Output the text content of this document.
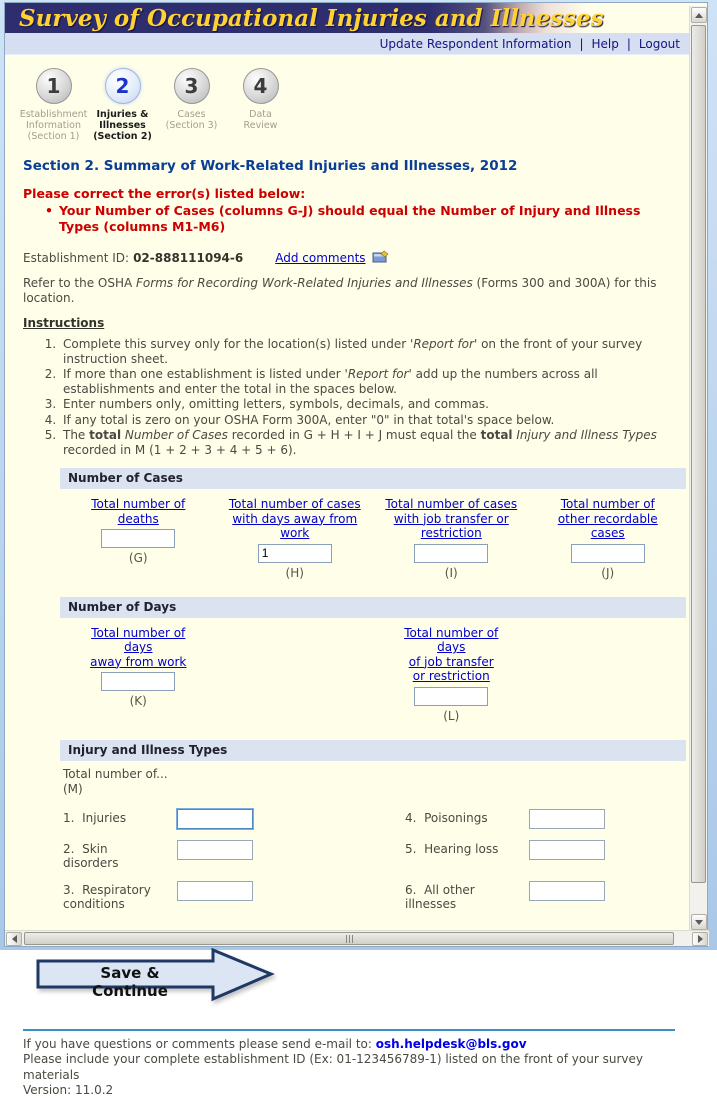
Survey of Occupational Injuries and Illnesses
Update Respondent Information | Help | Logout
1
Establishment
Information
(Section 1)
2
Injuries &
Illnesses
(Section 2)
3
Cases
(Section 3)
4
Data
Review
Section 2. Summary of Work-Related Injuries and Illnesses, 2012
Please correct the error(s) listed below:
• Your Number of Cases (columns G-J) should equal the Number of Injury and Illness Types (columns M1-M6)
Establishment ID: 02-888111094-6	Add comments
Refer to the OSHA Forms for Recording Work-Related Injuries and Illnesses (Forms 300 and 300A) for this location.
Instructions
1. Complete this survey only for the location(s) listed under 'Report for' on the front of your survey instruction sheet.
2. If more than one establishment is listed under 'Report for' add up the numbers across all establishments and enter the total in the spaces below.
3. Enter numbers only, omitting letters, symbols, decimals, and commas.
4. If any total is zero on your OSHA Form 300A, enter "0" in that total's space below.
5. The total Number of Cases recorded in G + H + I + J must equal the total Injury and Illness Types recorded in M (1 + 2 + 3 + 4 + 5 + 6).
Number of Cases
Total number of
deaths

(G)
Total number of cases
with days away from
work

1
(H)
Total number of cases
with job transfer or
restriction

(I)
Total number of
other recordable
cases

(J)
Number of Days
Total number of
days
away from work

(K)
Total number of
days
of job transfer
or restriction

(L)
Injury and Illness Types
Total number of...
(M)
1.  Injuries	4.  Poisonings
2.  Skin disorders
5.  Hearing loss
3.  Respiratory conditions
6.  All other illnesses
Save & Continue
If you have questions or comments please send e-mail to: osh.helpdesk@bls.gov
Please include your complete establishment ID (Ex: 01-123456789-1) listed on the front of your survey materials
Version: 11.0.2
